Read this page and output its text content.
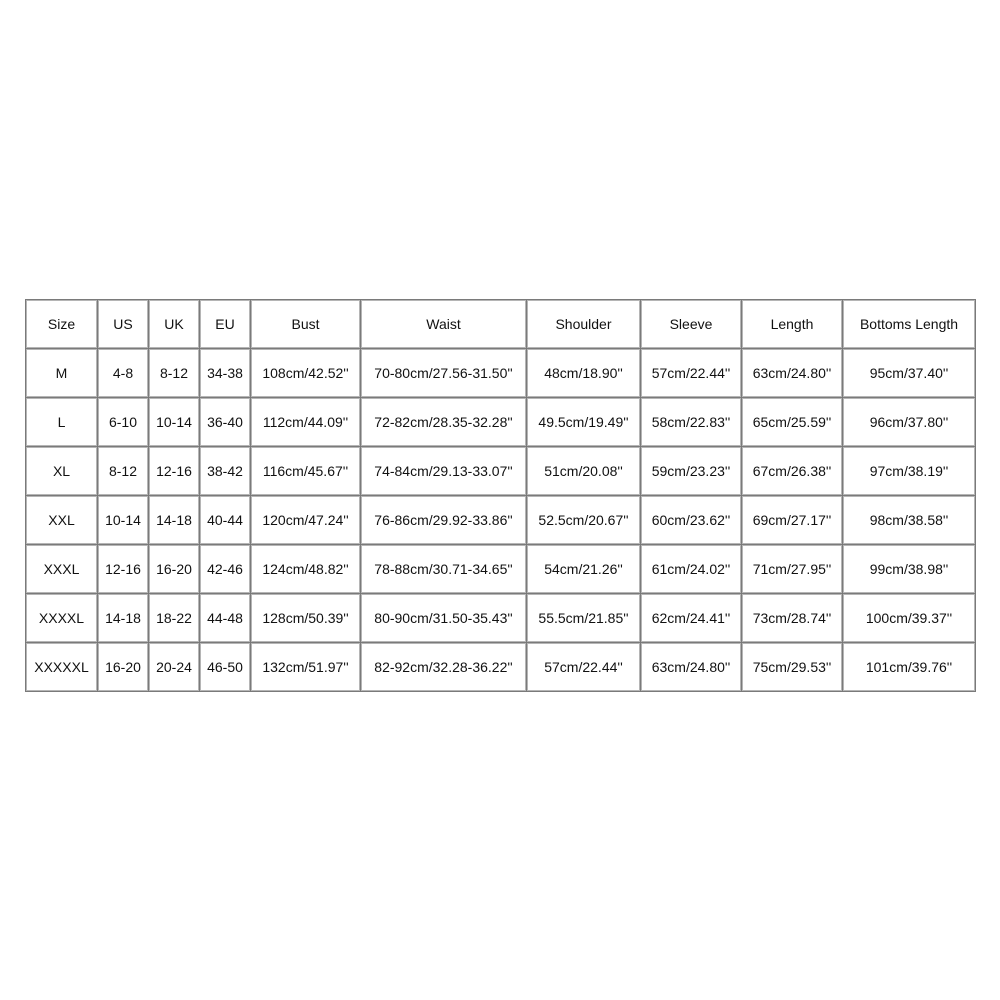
Size	US	UK	EU	Bust	Waist	Shoulder	Sleeve	Length	Bottoms Length
M	4-8	8-12	34-38	108cm/42.52''	70-80cm/27.56-31.50''	48cm/18.90''	57cm/22.44''	63cm/24.80''	95cm/37.40''
L	6-10	10-14	36-40	112cm/44.09''	72-82cm/28.35-32.28''	49.5cm/19.49''	58cm/22.83''	65cm/25.59''	96cm/37.80''
XL	8-12	12-16	38-42	116cm/45.67''	74-84cm/29.13-33.07''	51cm/20.08''	59cm/23.23''	67cm/26.38''	97cm/38.19''
XXL	10-14	14-18	40-44	120cm/47.24''	76-86cm/29.92-33.86''	52.5cm/20.67''	60cm/23.62''	69cm/27.17''	98cm/38.58''
XXXL	12-16	16-20	42-46	124cm/48.82''	78-88cm/30.71-34.65''	54cm/21.26''	61cm/24.02''	71cm/27.95''	99cm/38.98''
XXXXL	14-18	18-22	44-48	128cm/50.39''	80-90cm/31.50-35.43''	55.5cm/21.85''	62cm/24.41''	73cm/28.74''	100cm/39.37''
XXXXXL	16-20	20-24	46-50	132cm/51.97''	82-92cm/32.28-36.22''	57cm/22.44''	63cm/24.80''	75cm/29.53''	101cm/39.76''
